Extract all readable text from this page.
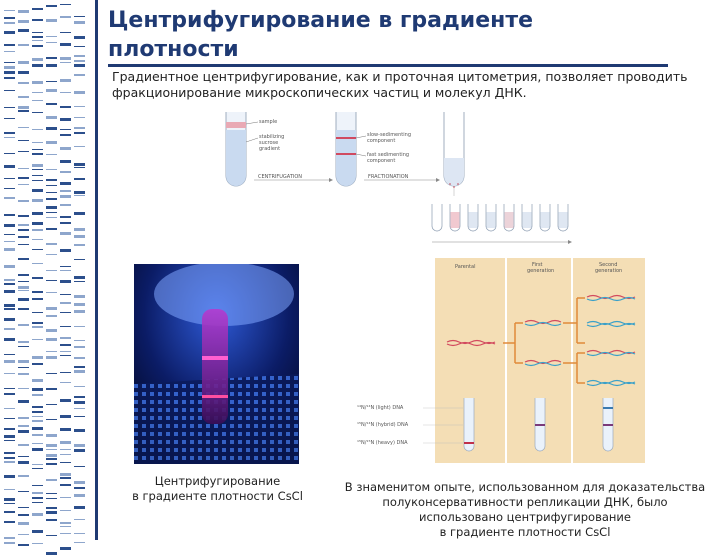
Центрифугирование в градиенте плотности
Градиентное центрифугирование, как и проточная цитометрия, позволяет проводить фракционирование микроскопических частиц и молекул ДНК.
sample
stabilizing
sucrose
gradient
CENTRIFUGATION
slow-sedimenting
component
fast sedimenting
component
FRACTIONATION
Центрифугирование
в градиенте плотности CsCl
Parental	First
generation
Second
generation
¹⁴N/¹⁴N (light) DNA
¹⁵N/¹⁴N (hybrid) DNA
¹⁵N/¹⁵N (heavy) DNA
В знаменитом опыте, использованном для доказательства
полуконсервативности репликации ДНК, было
использовано центрифугирование
в градиенте плотности CsCl
